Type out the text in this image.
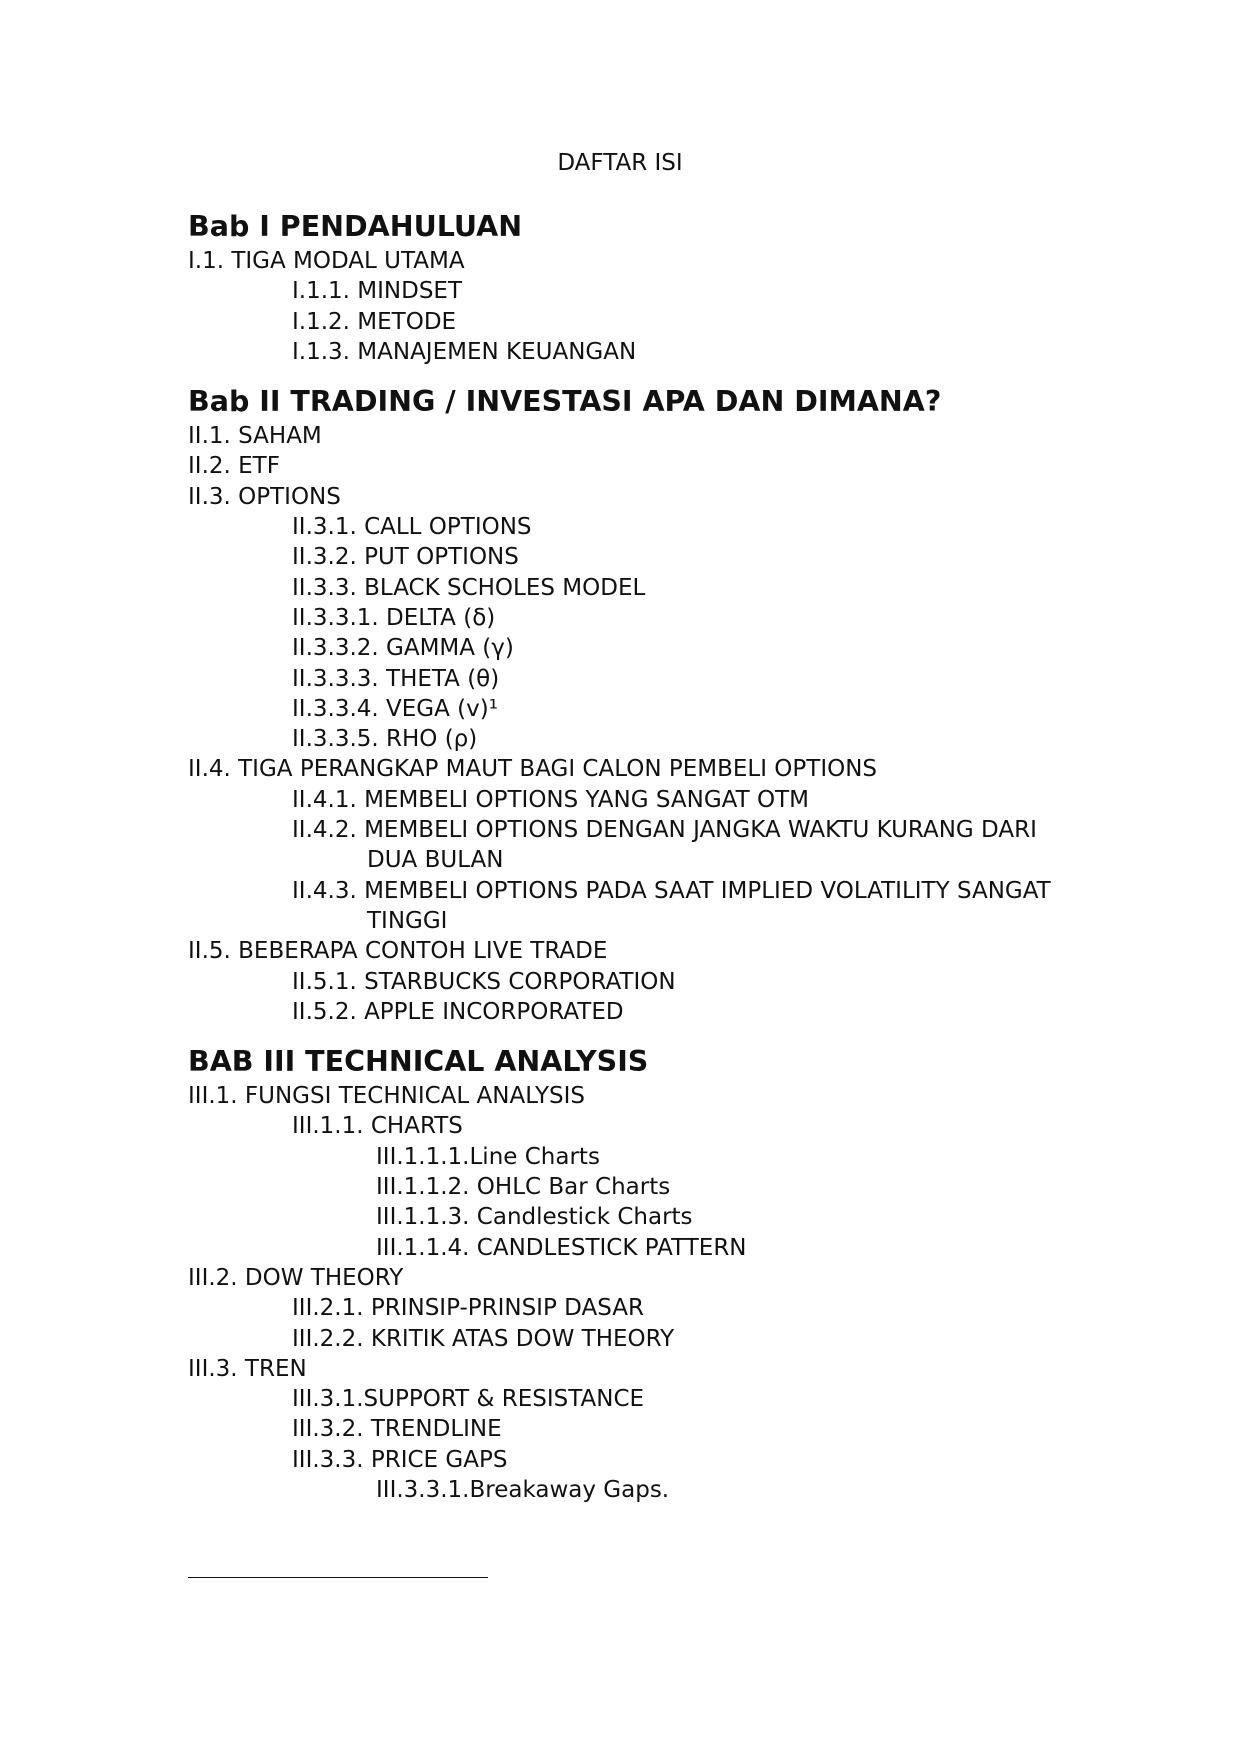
DAFTAR ISI
Bab I PENDAHULUAN
I.1. TIGA MODAL UTAMA
I.1.1. MINDSET
I.1.2. METODE
I.1.3. MANAJEMEN KEUANGAN
Bab II TRADING / INVESTASI APA DAN DIMANA?
II.1. SAHAM
II.2. ETF
II.3. OPTIONS
II.3.1. CALL OPTIONS
II.3.2. PUT OPTIONS
II.3.3. BLACK SCHOLES MODEL
II.3.3.1. DELTA (δ)
II.3.3.2. GAMMA (γ)
II.3.3.3. THETA (θ)
II.3.3.4. VEGA (v)¹
II.3.3.5. RHO (ρ)
II.4. TIGA PERANGKAP MAUT BAGI CALON PEMBELI OPTIONS
II.4.1. MEMBELI OPTIONS YANG SANGAT OTM
II.4.2. MEMBELI OPTIONS DENGAN JANGKA WAKTU KURANG DARI DUA BULAN
II.4.3. MEMBELI OPTIONS PADA SAAT IMPLIED VOLATILITY SANGAT TINGGI
II.5. BEBERAPA CONTOH LIVE TRADE
II.5.1. STARBUCKS CORPORATION
II.5.2. APPLE INCORPORATED
BAB III TECHNICAL ANALYSIS
III.1. FUNGSI TECHNICAL ANALYSIS
III.1.1. CHARTS
III.1.1.1.Line Charts
III.1.1.2. OHLC Bar Charts
III.1.1.3. Candlestick Charts
III.1.1.4. CANDLESTICK PATTERN
III.2. DOW THEORY
III.2.1. PRINSIP-PRINSIP DASAR
III.2.2. KRITIK ATAS DOW THEORY
III.3. TREN
III.3.1.SUPPORT & RESISTANCE
III.3.2. TRENDLINE
III.3.3. PRICE GAPS
III.3.3.1.Breakaway Gaps.
